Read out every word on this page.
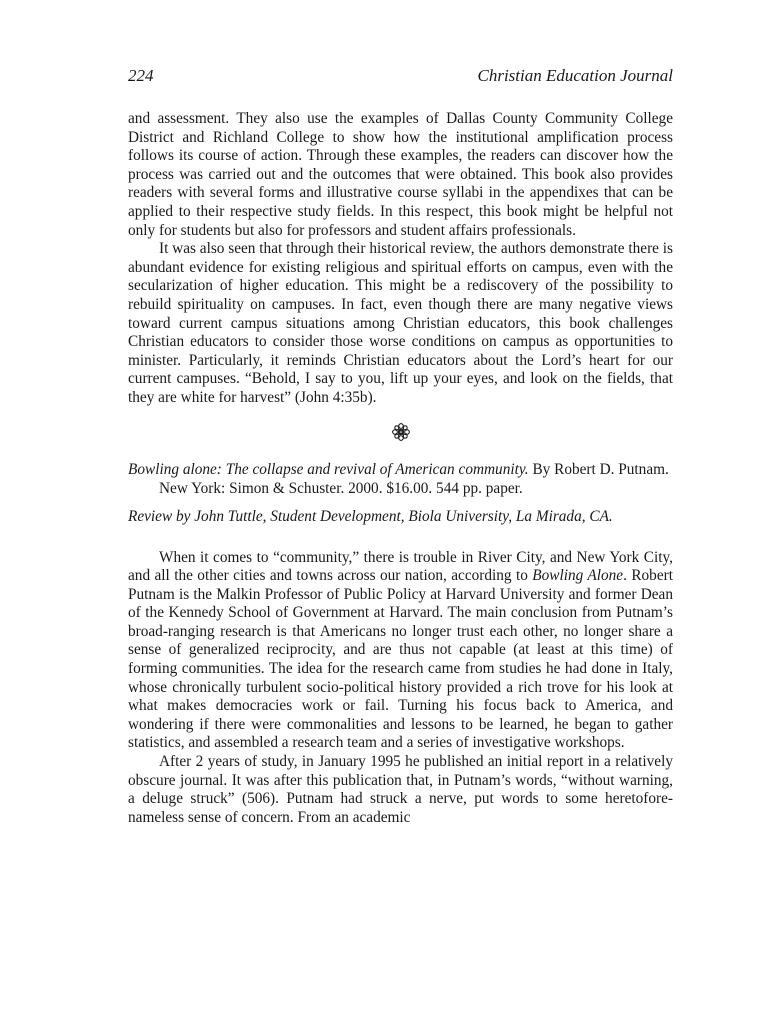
224	Christian Education Journal

and assessment. They also use the examples of Dallas County Community College District and Richland College to show how the institutional amplification process follows its course of action. Through these examples, the readers can discover how the process was carried out and the outcomes that were obtained. This book also provides readers with several forms and illustrative course syllabi in the appendixes that can be applied to their respective study fields. In this respect, this book might be helpful not only for students but also for professors and student affairs professionals.

It was also seen that through their historical review, the authors demonstrate there is abundant evidence for existing religious and spiritual efforts on campus, even with the secularization of higher education. This might be a rediscovery of the possibility to rebuild spirituality on campuses. In fact, even though there are many negative views toward current campus situations among Christian educators, this book challenges Christian educators to consider those worse conditions on campus as opportunities to minister. Particularly, it reminds Christian educators about the Lord’s heart for our current campuses. “Behold, I say to you, lift up your eyes, and look on the fields, that they are white for harvest” (John 4:35b).

Bowling alone: The collapse and revival of American community. By Robert D. Putnam. New York: Simon & Schuster. 2000. $16.00. 544 pp. paper.

Review by John Tuttle, Student Development, Biola University, La Mirada, CA.

When it comes to “community,” there is trouble in River City, and New York City, and all the other cities and towns across our nation, according to Bowling Alone. Robert Putnam is the Malkin Professor of Public Policy at Harvard University and former Dean of the Kennedy School of Government at Harvard. The main conclusion from Putnam’s broad-ranging research is that Americans no longer trust each other, no longer share a sense of generalized reciprocity, and are thus not capable (at least at this time) of forming communities. The idea for the research came from studies he had done in Italy, whose chronically turbulent socio-political history provided a rich trove for his look at what makes democracies work or fail. Turning his focus back to America, and wondering if there were commonalities and lessons to be learned, he began to gather statistics, and assembled a research team and a series of investigative workshops.

After 2 years of study, in January 1995 he published an initial report in a relatively obscure journal. It was after this publication that, in Putnam’s words, “without warning, a deluge struck” (506). Putnam had struck a nerve, put words to some heretofore-nameless sense of concern. From an academic
